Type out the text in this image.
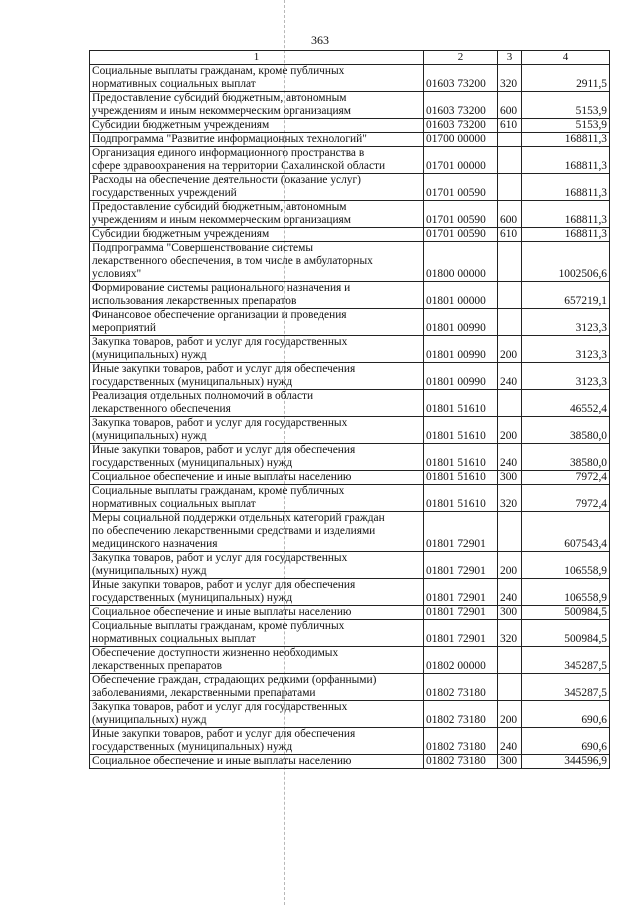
363
1	2	3	4
Социальные выплаты гражданам, кроме публичных
нормативных социальных выплат	01603 73200	320	2911,5
Предоставление субсидий бюджетным, автономным
учреждениям и иным некоммерческим организациям	01603 73200	600	5153,9
Субсидии бюджетным учреждениям	01603 73200	610	5153,9
Подпрограмма "Развитие информационных технологий"	01700 00000		168811,3
Организация единого информационного пространства в
сфере здравоохранения на территории Сахалинской области	01701 00000		168811,3
Расходы на обеспечение деятельности (оказание услуг)
государственных учреждений	01701 00590		168811,3
Предоставление субсидий бюджетным, автономным
учреждениям и иным некоммерческим организациям	01701 00590	600	168811,3
Субсидии бюджетным учреждениям	01701 00590	610	168811,3
Подпрограмма "Совершенствование системы
лекарственного обеспечения, в том числе в амбулаторных
условиях"	01800 00000		1002506,6
Формирование системы рационального назначения и
использования лекарственных препаратов	01801 00000		657219,1
Финансовое обеспечение организации и проведения
мероприятий	01801 00990		3123,3
Закупка товаров, работ и услуг для государственных
(муниципальных) нужд	01801 00990	200	3123,3
Иные закупки товаров, работ и услуг для обеспечения
государственных (муниципальных) нужд	01801 00990	240	3123,3
Реализация отдельных полномочий в области
лекарственного обеспечения	01801 51610		46552,4
Закупка товаров, работ и услуг для государственных
(муниципальных) нужд	01801 51610	200	38580,0
Иные закупки товаров, работ и услуг для обеспечения
государственных (муниципальных) нужд	01801 51610	240	38580,0
Социальное обеспечение и иные выплаты населению	01801 51610	300	7972,4
Социальные выплаты гражданам, кроме публичных
нормативных социальных выплат	01801 51610	320	7972,4
Меры социальной поддержки отдельных категорий граждан
по обеспечению лекарственными средствами и изделиями
медицинского назначения	01801 72901		607543,4
Закупка товаров, работ и услуг для государственных
(муниципальных) нужд	01801 72901	200	106558,9
Иные закупки товаров, работ и услуг для обеспечения
государственных (муниципальных) нужд	01801 72901	240	106558,9
Социальное обеспечение и иные выплаты населению	01801 72901	300	500984,5
Социальные выплаты гражданам, кроме публичных
нормативных социальных выплат	01801 72901	320	500984,5
Обеспечение доступности жизненно необходимых
лекарственных препаратов	01802 00000		345287,5
Обеспечение граждан, страдающих редкими (орфанными)
заболеваниями, лекарственными препаратами	01802 73180		345287,5
Закупка товаров, работ и услуг для государственных
(муниципальных) нужд	01802 73180	200	690,6
Иные закупки товаров, работ и услуг для обеспечения
государственных (муниципальных) нужд	01802 73180	240	690,6
Социальное обеспечение и иные выплаты населению	01802 73180	300	344596,9
